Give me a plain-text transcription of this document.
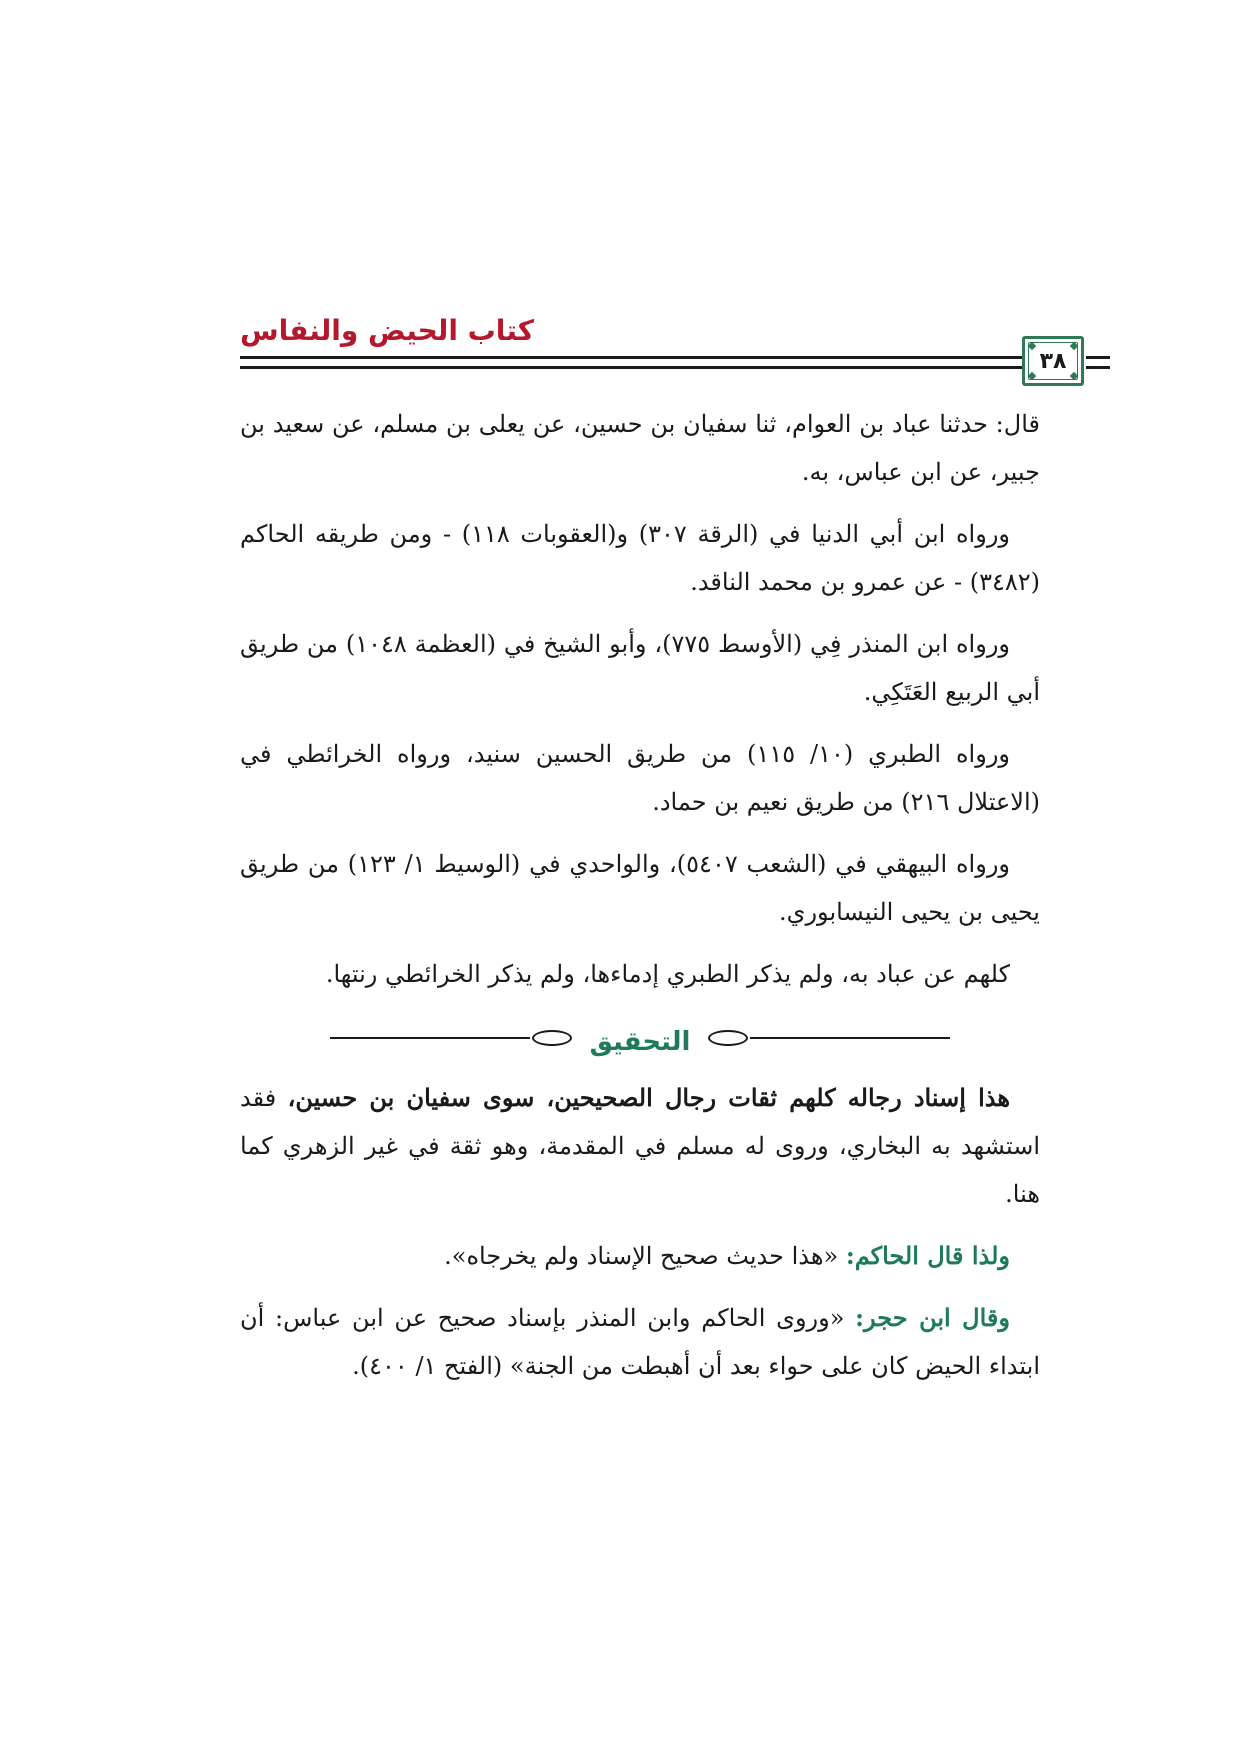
كتاب الحيض والنفاس
٣٨

قال: حدثنا عباد بن العوام، ثنا سفيان بن حسين، عن يعلى بن مسلم، عن سعيد بن جبير، عن ابن عباس، به.

ورواه ابن أبي الدنيا في (الرقة ٣٠٧) و(العقوبات ١١٨) - ومن طريقه الحاكم (٣٤٨٢) - عن عمرو بن محمد الناقد.

ورواه ابن المنذر فِي (الأوسط ٧٧٥)، وأبو الشيخ في (العظمة ١٠٤٨) من طريق أبي الربيع العَتَكِي.

ورواه الطبري (١٠/ ١١٥) من طريق الحسين سنيد، ورواه الخرائطي في (الاعتلال ٢١٦) من طريق نعيم بن حماد.

ورواه البيهقي في (الشعب ٥٤٠٧)، والواحدي في (الوسيط ١/ ١٢٣) من طريق يحيى بن يحيى النيسابوري.

كلهم عن عباد به، ولم يذكر الطبري إدماءها، ولم يذكر الخرائطي رنتها.

التحقيق

هذا إسناد رجاله كلهم ثقات رجال الصحيحين، سوى سفيان بن حسين، فقد استشهد به البخاري، وروى له مسلم في المقدمة، وهو ثقة في غير الزهري كما هنا.

ولذا قال الحاكم: «هذا حديث صحيح الإسناد ولم يخرجاه».

وقال ابن حجر: «وروى الحاكم وابن المنذر بإسناد صحيح عن ابن عباس: أن ابتداء الحيض كان على حواء بعد أن أهبطت من الجنة» (الفتح ١/ ٤٠٠).
